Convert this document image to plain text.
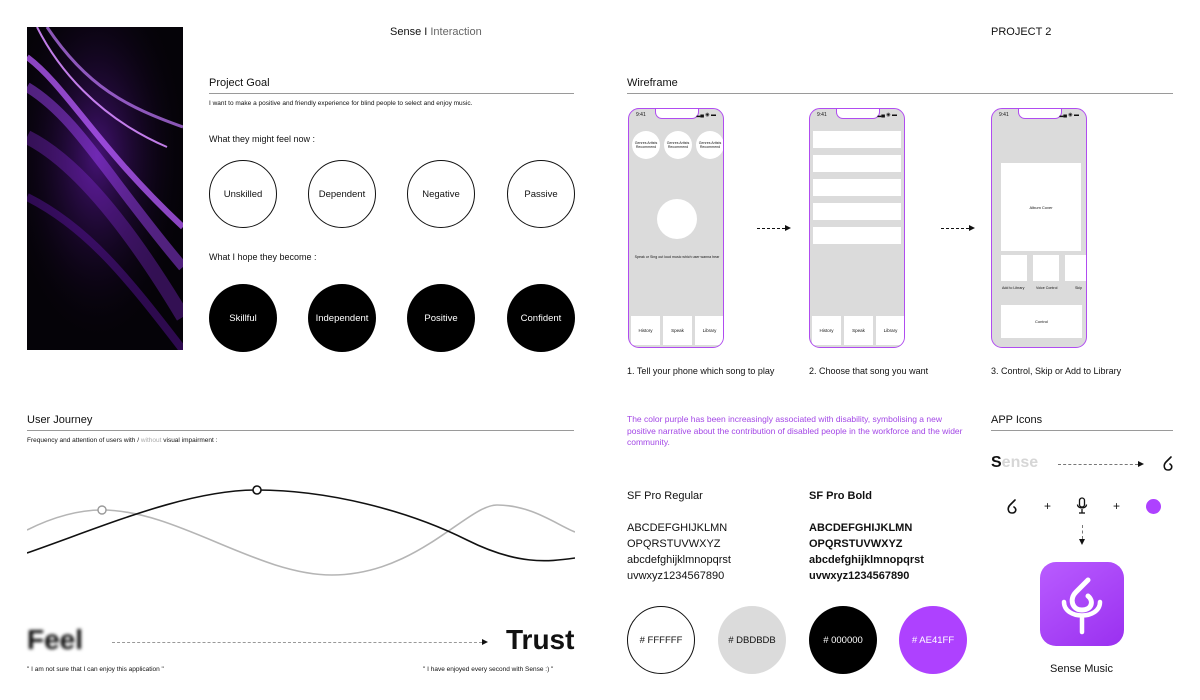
Sense I Interaction	PROJECT 2
Project Goal
I want to make a positive and friendly experience for blind people to select and enjoy music.
What they might feel now :
Unskilled	Dependent	Negative	Passive
What I hope they become :
Skillful	Independent	Positive	Confident
Wireframe
9:41	▂▄ ◉ ▬
Genres Artists Recommend
Genres Artists Recommend
Genres Artists Recommend
Speak or Sing out loud music which user wanna hear
History	Speak	Library
9:41	▂▄ ◉ ▬
History	Speak	Library
9:41	▂▄ ◉ ▬
Album Cover
Add to Library	Voice Control	Skip
Control
1. Tell your phone which song to play	2. Choose that song you want	3. Control, Skip or Add to Library
User Journey
Frequency and attention of users with / without visual impairment :
Feel	Trust
" I am not sure that I can enjoy this application "	" I have enjoyed every second with Sense :) "
The color purple has been increasingly associated with disability, symbolising a new positive narrative about the contribution of disabled people in the workforce and the wider community.
SF Pro Regular	SF Pro Bold
ABCDEFGHIJKLMN
OPQRSTUVWXYZ
abcdefghijklmnopqrst
uvwxyz1234567890
ABCDEFGHIJKLMN
OPQRSTUVWXYZ
abcdefghijklmnopqrst
uvwxyz1234567890
# FFFFFF	# DBDBDB	# 000000	# AE41FF
APP Icons
Sense
+	+
Sense Music
